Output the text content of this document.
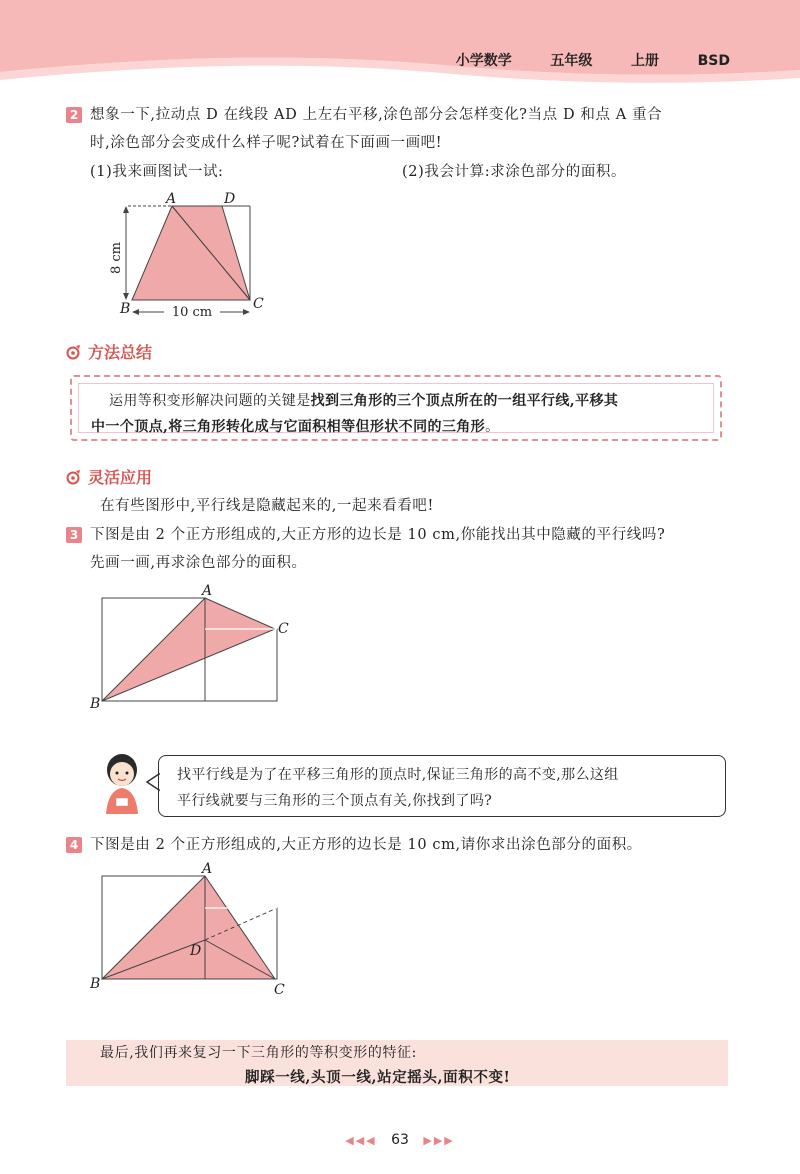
小学数学   五年级   上册   BSD
2 想象一下,拉动点 D 在线段 AD 上左右平移,涂色部分会怎样变化?当点 D 和点 A 重合
时,涂色部分会变成什么样子呢?试着在下面画一画吧!
(1)我来画图试一试:	(2)我会计算:求涂色部分的面积。
8 cm
10 cm
A	D
B	C
方法总结
运用等积变形解决问题的关键是找到三角形的三个顶点所在的一组平行线,平移其
中一个顶点,将三角形转化成与它面积相等但形状不同的三角形。
灵活应用
在有些图形中,平行线是隐藏起来的,一起来看看吧!
3 下图是由 2 个正方形组成的,大正方形的边长是 10 cm,你能找出其中隐藏的平行线吗?
先画一画,再求涂色部分的面积。
A
C
B
找平行线是为了在平移三角形的顶点时,保证三角形的高不变,那么这组
平行线就要与三角形的三个顶点有关,你找到了吗?
4 下图是由 2 个正方形组成的,大正方形的边长是 10 cm,请你求出涂色部分的面积。
A
D
B	C
最后,我们再来复习一下三角形的等积变形的特征:
脚踩一线,头顶一线,站定摇头,面积不变!
◀◀◀ 63 ▶▶▶
